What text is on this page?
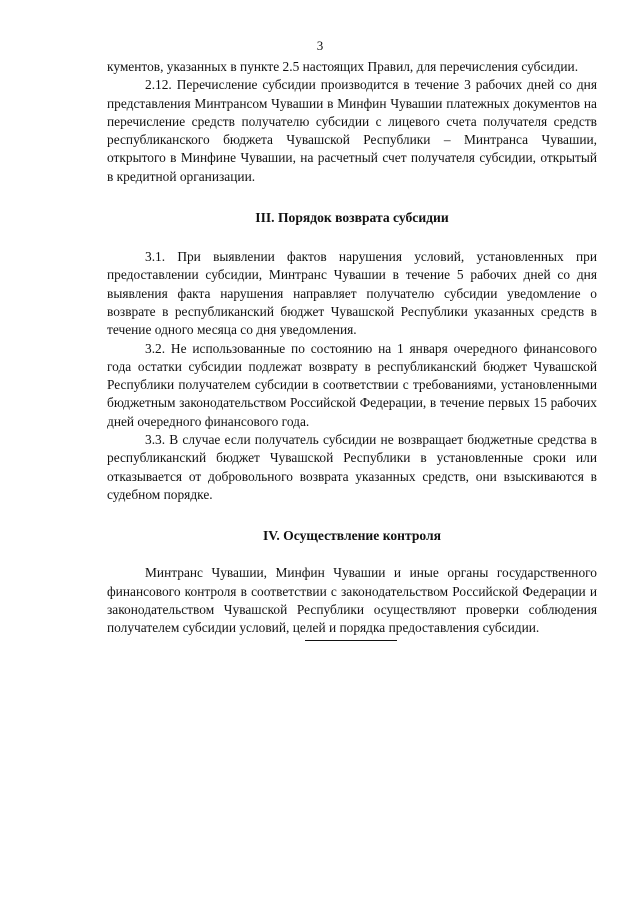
3

кументов, указанных в пункте 2.5 настоящих Правил, для перечисления субсидии.

2.12. Перечисление субсидии производится в течение 3 рабочих дней со дня представления Минтрансом Чувашии в Минфин Чувашии платежных документов на перечисление средств получателю субсидии с лицевого счета получателя средств республиканского бюджета Чувашской Республики – Минтранса Чувашии, открытого в Минфине Чувашии, на расчетный счет получателя субсидии, открытый в кредитной организации.

III. Порядок возврата субсидии

3.1. При выявлении фактов нарушения условий, установленных при предоставлении субсидии, Минтранс Чувашии в течение 5 рабочих дней со дня выявления факта нарушения направляет получателю субсидии уведомление о возврате в республиканский бюджет Чувашской Республики указанных средств в течение одного месяца со дня уведомления.

3.2. Не использованные по состоянию на 1 января очередного финансового года остатки субсидии подлежат возврату в республиканский бюджет Чувашской Республики получателем субсидии в соответствии с требованиями, установленными бюджетным законодательством Российской Федерации, в течение первых 15 рабочих дней очередного финансового года.

3.3. В случае если получатель субсидии не возвращает бюджетные средства в республиканский бюджет Чувашской Республики в установленные сроки или отказывается от добровольного возврата указанных средств, они взыскиваются в судебном порядке.

IV. Осуществление контроля

Минтранс Чувашии, Минфин Чувашии и иные органы государственного финансового контроля в соответствии с законодательством Российской Федерации и законодательством Чувашской Республики осуществляют проверки соблюдения получателем субсидии условий, целей и порядка предоставления субсидии.
